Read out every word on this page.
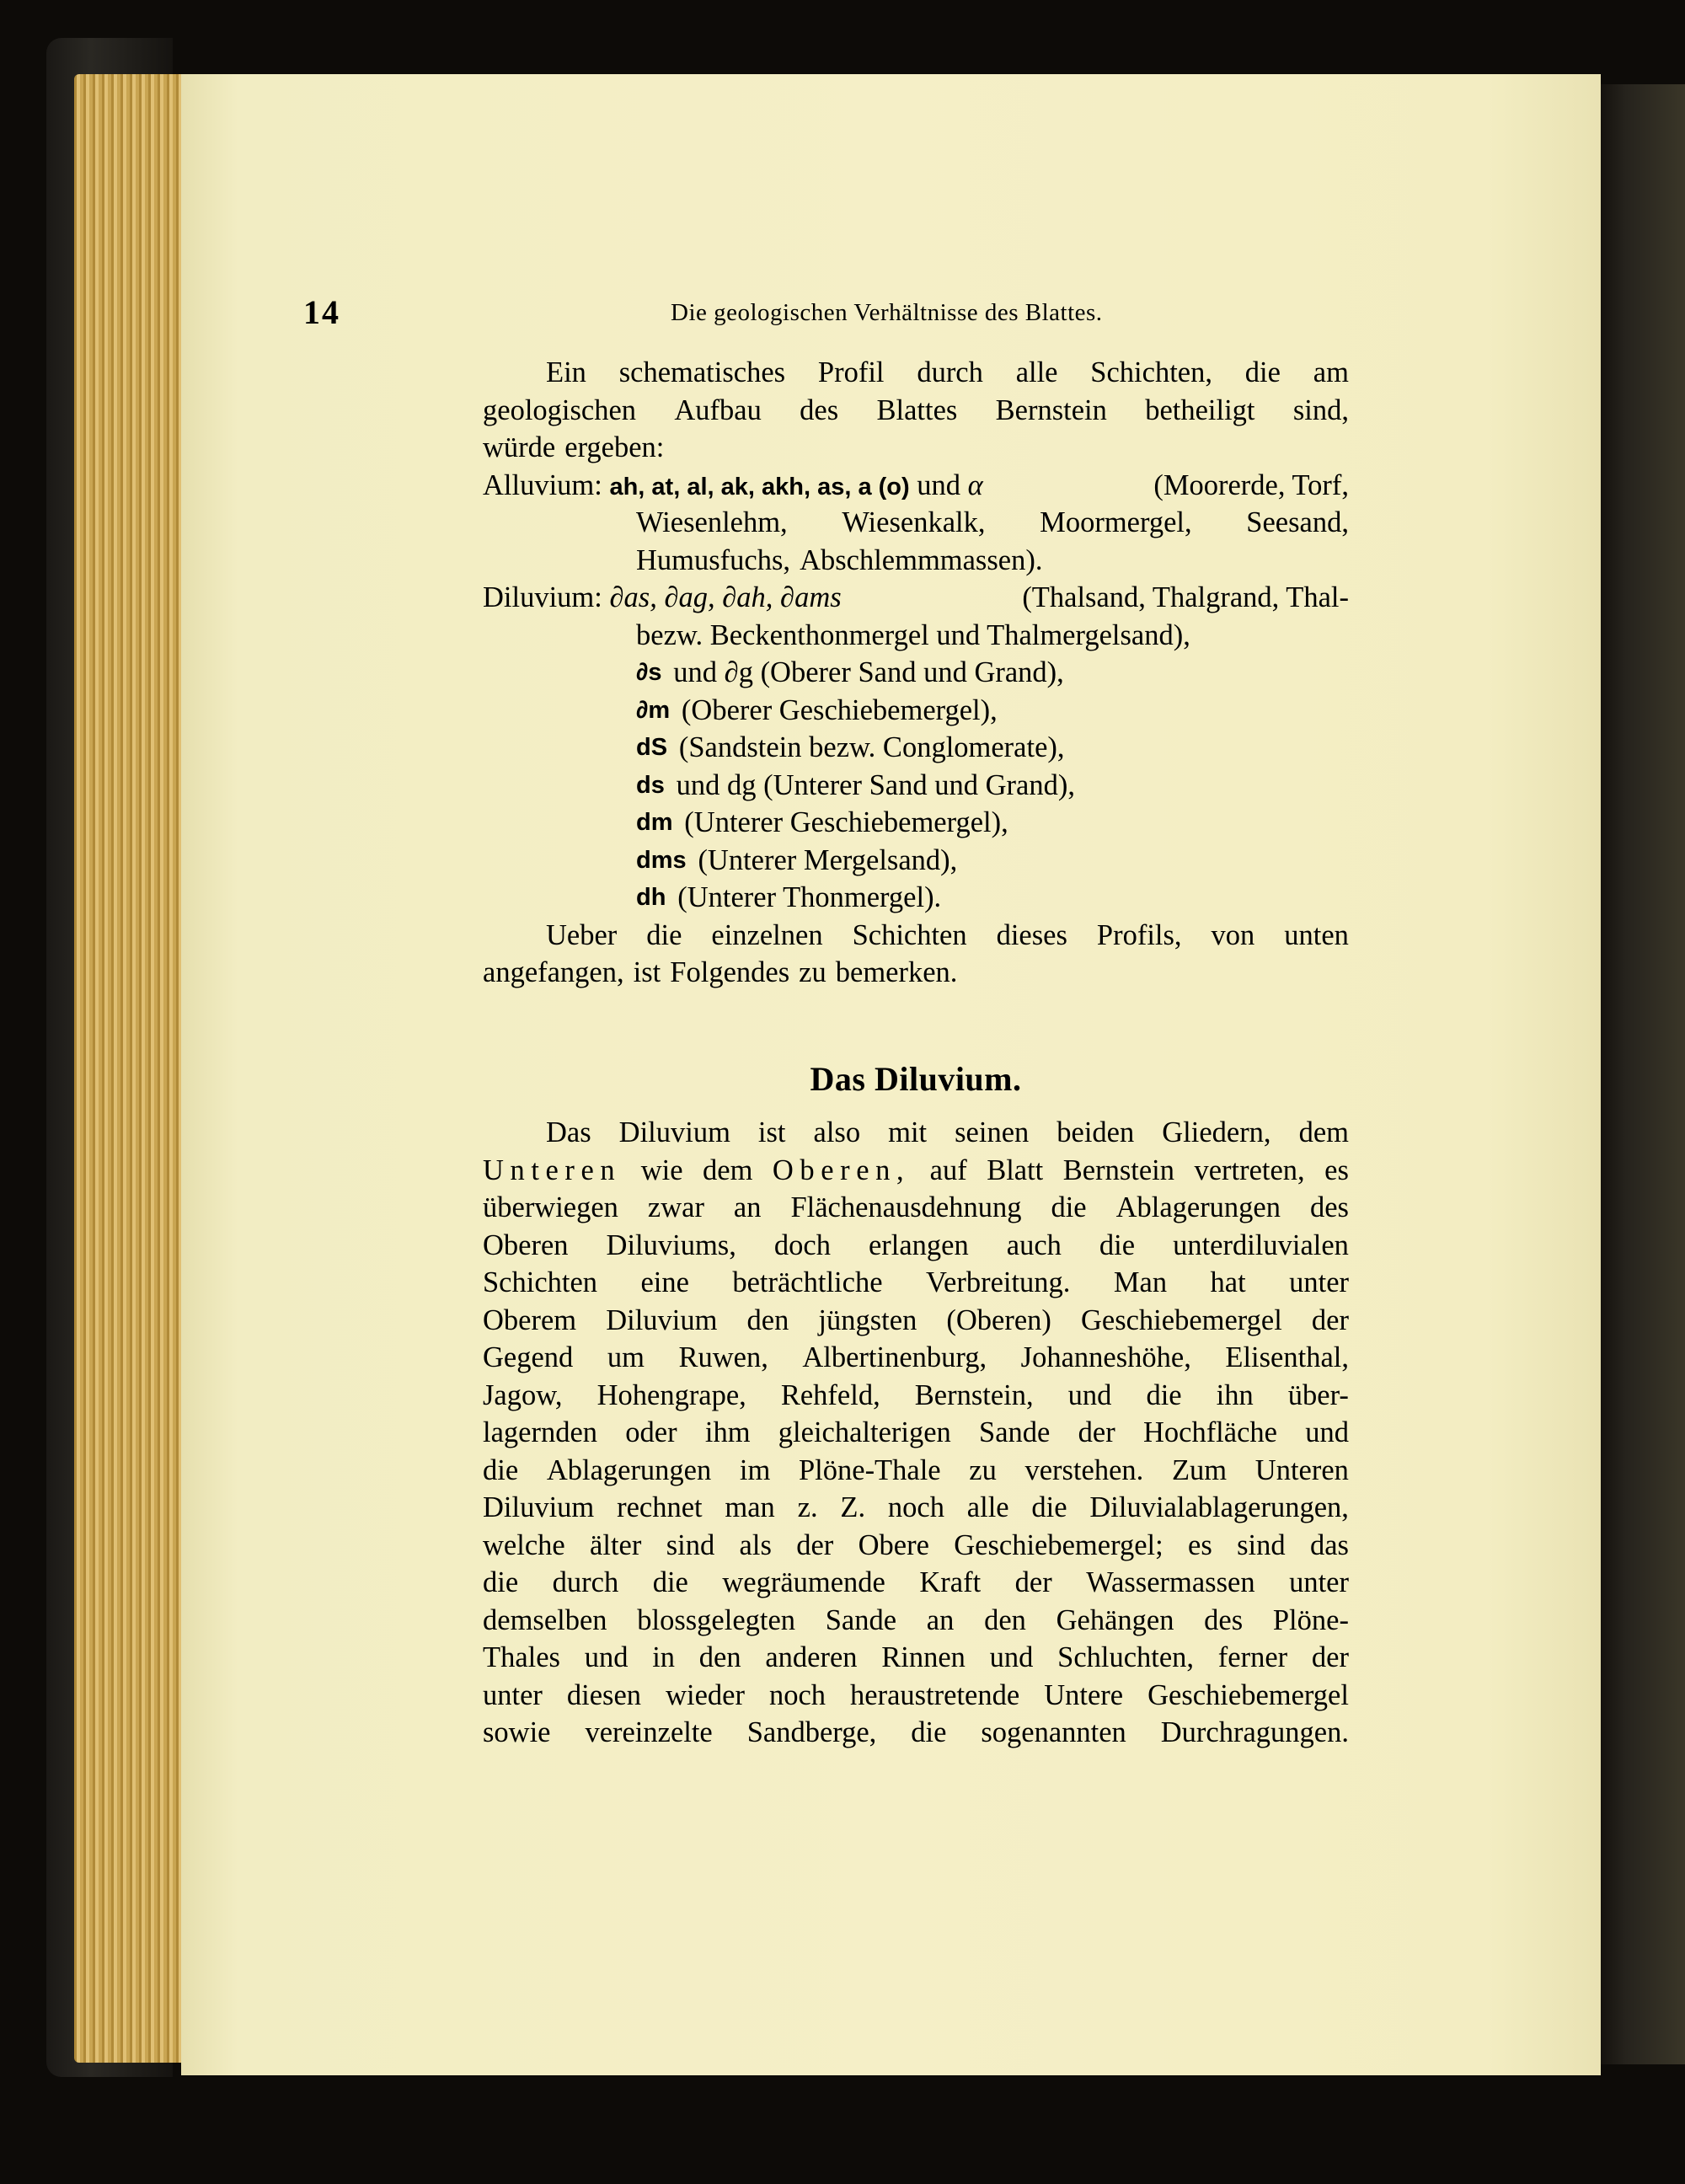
14	Die geologischen Verhältnisse des Blattes.
Ein schematisches Profil durch alle Schichten, die am
geologischen Aufbau des Blattes Bernstein betheiligt sind,
würde ergeben:
Alluvium: ah, at, al, ak, akh, as, a (o) und α	(Moorerde, Torf,
Wiesenlehm, Wiesenkalk, Moormergel, Seesand,
Humusfuchs, Abschlemmmassen).
Diluvium: ∂as, ∂ag, ∂ah, ∂ams	(Thalsand, Thalgrand, Thal-
bezw. Beckenthonmergel und Thalmergelsand),
∂s und ∂g (Oberer Sand und Grand),
∂m (Oberer Geschiebemergel),
dS (Sandstein bezw. Conglomerate),
ds und dg (Unterer Sand und Grand),
dm (Unterer Geschiebemergel),
dms (Unterer Mergelsand),
dh (Unterer Thonmergel).
Ueber die einzelnen Schichten dieses Profils, von unten
angefangen, ist Folgendes zu bemerken.
Das Diluvium.
Das Diluvium ist also mit seinen beiden Gliedern, dem
Unteren wie dem Oberen, auf Blatt Bernstein vertreten, es
überwiegen zwar an Flächenausdehnung die Ablagerungen des
Oberen Diluviums, doch erlangen auch die unterdiluvialen
Schichten eine beträchtliche Verbreitung. Man hat unter
Oberem Diluvium den jüngsten (Oberen) Geschiebemergel der
Gegend um Ruwen, Albertinenburg, Johanneshöhe, Elisenthal,
Jagow, Hohengrape, Rehfeld, Bernstein, und die ihn über-
lagernden oder ihm gleichalterigen Sande der Hochfläche und
die Ablagerungen im Plöne-Thale zu verstehen. Zum Unteren
Diluvium rechnet man z. Z. noch alle die Diluvialablagerungen,
welche älter sind als der Obere Geschiebemergel; es sind das
die durch die wegräumende Kraft der Wassermassen unter
demselben blossgelegten Sande an den Gehängen des Plöne-
Thales und in den anderen Rinnen und Schluchten, ferner der
unter diesen wieder noch heraustretende Untere Geschiebemergel
sowie vereinzelte Sandberge, die sogenannten Durchragungen.
